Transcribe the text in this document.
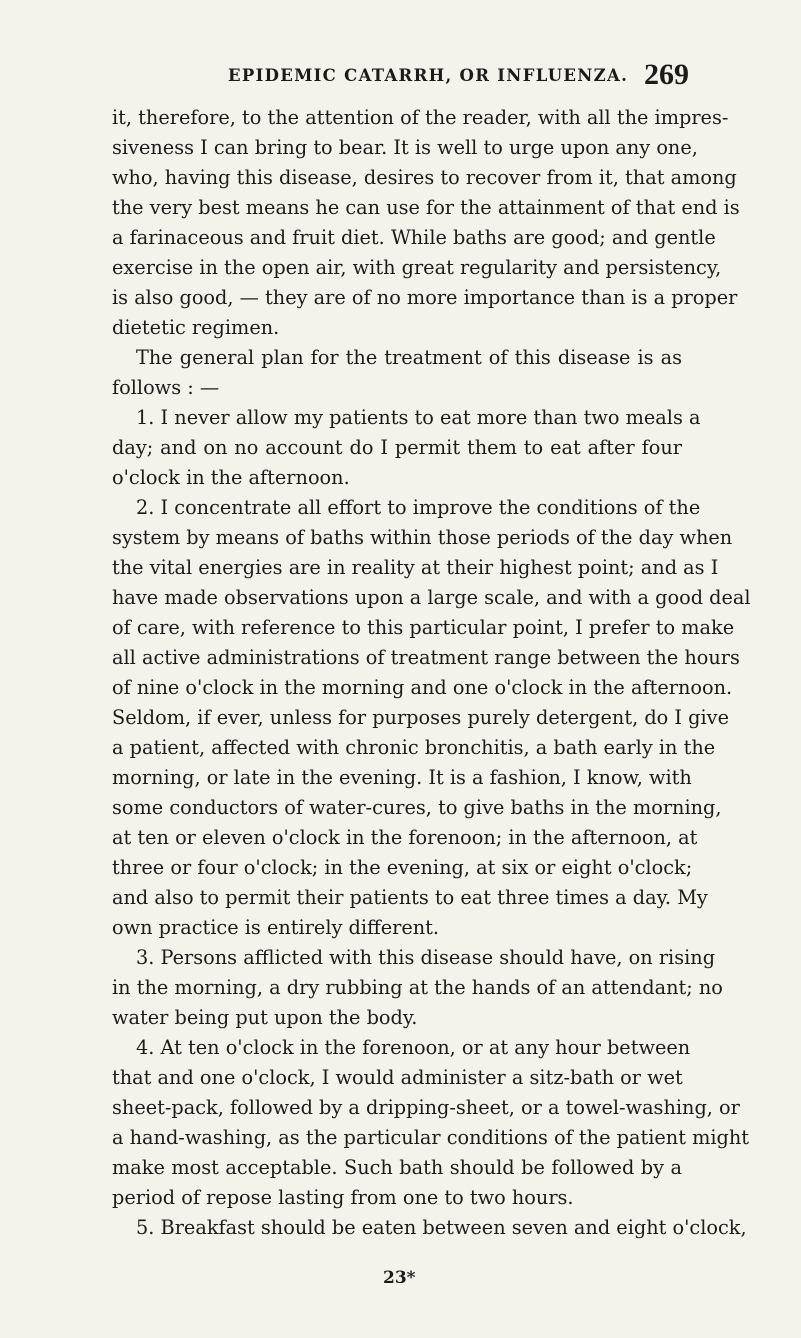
EPIDEMIC CATARRH, OR INFLUENZA. 269
it, therefore, to the attention of the reader, with all the impres-
siveness I can bring to bear. It is well to urge upon any one,
who, having this disease, desires to recover from it, that among
the very best means he can use for the attainment of that end is
a farinaceous and fruit diet. While baths are good; and gentle
exercise in the open air, with great regularity and persistency,
is also good, — they are of no more importance than is a proper
dietetic regimen.
The general plan for the treatment of this disease is as
follows : —
1. I never allow my patients to eat more than two meals a
day; and on no account do I permit them to eat after four
o'clock in the afternoon.
2. I concentrate all effort to improve the conditions of the
system by means of baths within those periods of the day when
the vital energies are in reality at their highest point; and as I
have made observations upon a large scale, and with a good deal
of care, with reference to this particular point, I prefer to make
all active administrations of treatment range between the hours
of nine o'clock in the morning and one o'clock in the afternoon.
Seldom, if ever, unless for purposes purely detergent, do I give
a patient, affected with chronic bronchitis, a bath early in the
morning, or late in the evening. It is a fashion, I know, with
some conductors of water-cures, to give baths in the morning,
at ten or eleven o'clock in the forenoon; in the afternoon, at
three or four o'clock; in the evening, at six or eight o'clock;
and also to permit their patients to eat three times a day. My
own practice is entirely different.
3. Persons afflicted with this disease should have, on rising
in the morning, a dry rubbing at the hands of an attendant; no
water being put upon the body.
4. At ten o'clock in the forenoon, or at any hour between
that and one o'clock, I would administer a sitz-bath or wet
sheet-pack, followed by a dripping-sheet, or a towel-washing, or
a hand-washing, as the particular conditions of the patient might
make most acceptable. Such bath should be followed by a
period of repose lasting from one to two hours.
5. Breakfast should be eaten between seven and eight o'clock,
23*
